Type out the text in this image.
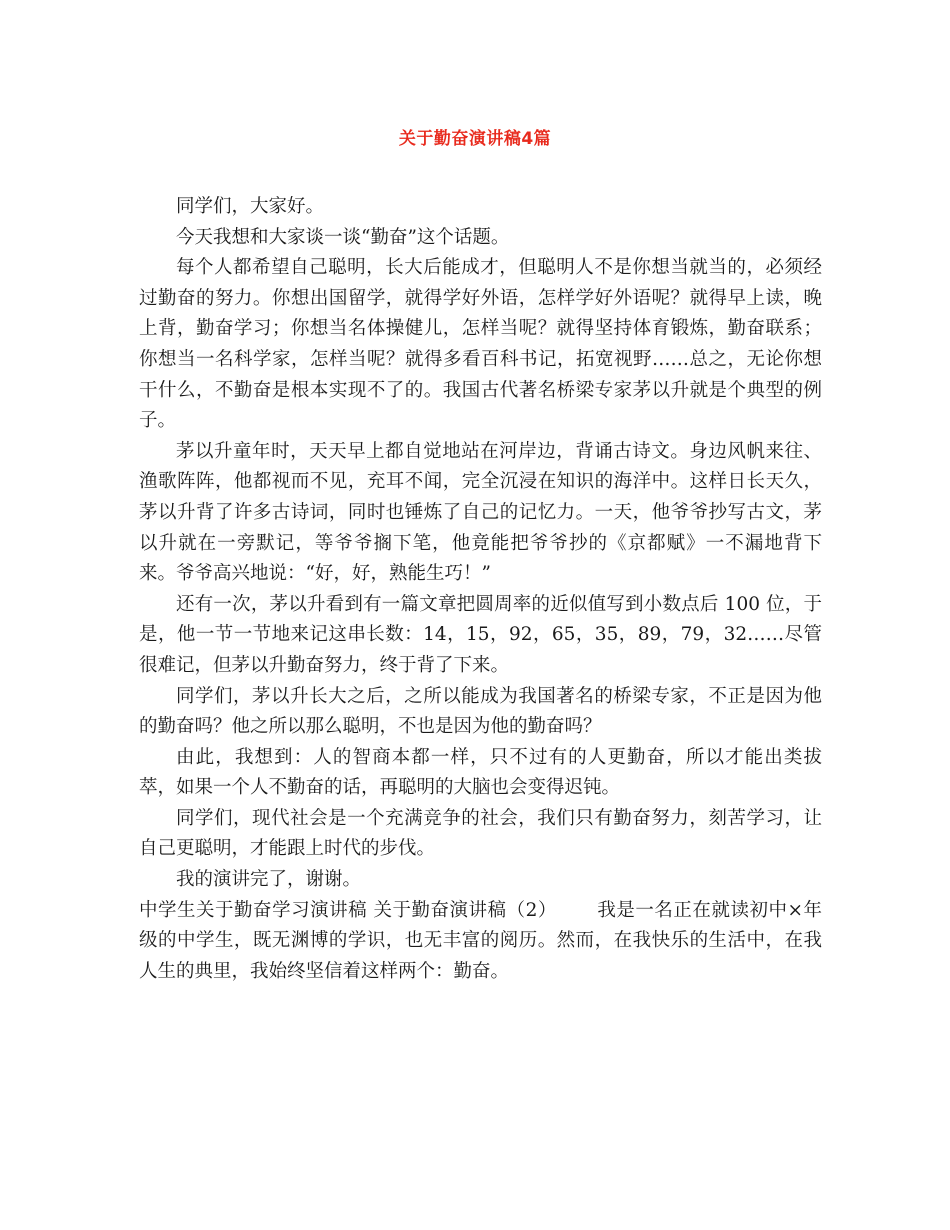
关于勤奋演讲稿4篇

同学们，大家好。

今天我想和大家谈一谈“勤奋”这个话题。

每个人都希望自己聪明，长大后能成才，但聪明人不是你想当就当的，必须经过勤奋的努力。你想出国留学，就得学好外语，怎样学好外语呢？就得早上读，晚上背，勤奋学习；你想当名体操健儿，怎样当呢？就得坚持体育锻炼，勤奋联系；你想当一名科学家，怎样当呢？就得多看百科书记，拓宽视野……总之，无论你想干什么，不勤奋是根本实现不了的。我国古代著名桥梁专家茅以升就是个典型的例子。

茅以升童年时，天天早上都自觉地站在河岸边，背诵古诗文。身边风帆来往、渔歌阵阵，他都视而不见，充耳不闻，完全沉浸在知识的海洋中。这样日长天久，茅以升背了许多古诗词，同时也锤炼了自己的记忆力。一天，他爷爷抄写古文，茅以升就在一旁默记，等爷爷搁下笔，他竟能把爷爷抄的《京都赋》一不漏地背下来。爷爷高兴地说：“好，好，熟能生巧！”

还有一次，茅以升看到有一篇文章把圆周率的近似值写到小数点后 100 位，于是，他一节一节地来记这串长数：14，15，92，65，35，89，79，32……尽管很难记，但茅以升勤奋努力，终于背了下来。

同学们，茅以升长大之后，之所以能成为我国著名的桥梁专家，不正是因为他的勤奋吗？他之所以那么聪明，不也是因为他的勤奋吗？

由此，我想到：人的智商本都一样，只不过有的人更勤奋，所以才能出类拔萃，如果一个人不勤奋的话，再聪明的大脑也会变得迟钝。

同学们，现代社会是一个充满竞争的社会，我们只有勤奋努力，刻苦学习，让自己更聪明，才能跟上时代的步伐。

我的演讲完了，谢谢。

中学生关于勤奋学习演讲稿 关于勤奋演讲稿（2） 我是一名正在就读初中×年级的中学生，既无渊博的学识，也无丰富的阅历。然而，在我快乐的生活中，在我人生的典里，我始终坚信着这样两个：勤奋。
